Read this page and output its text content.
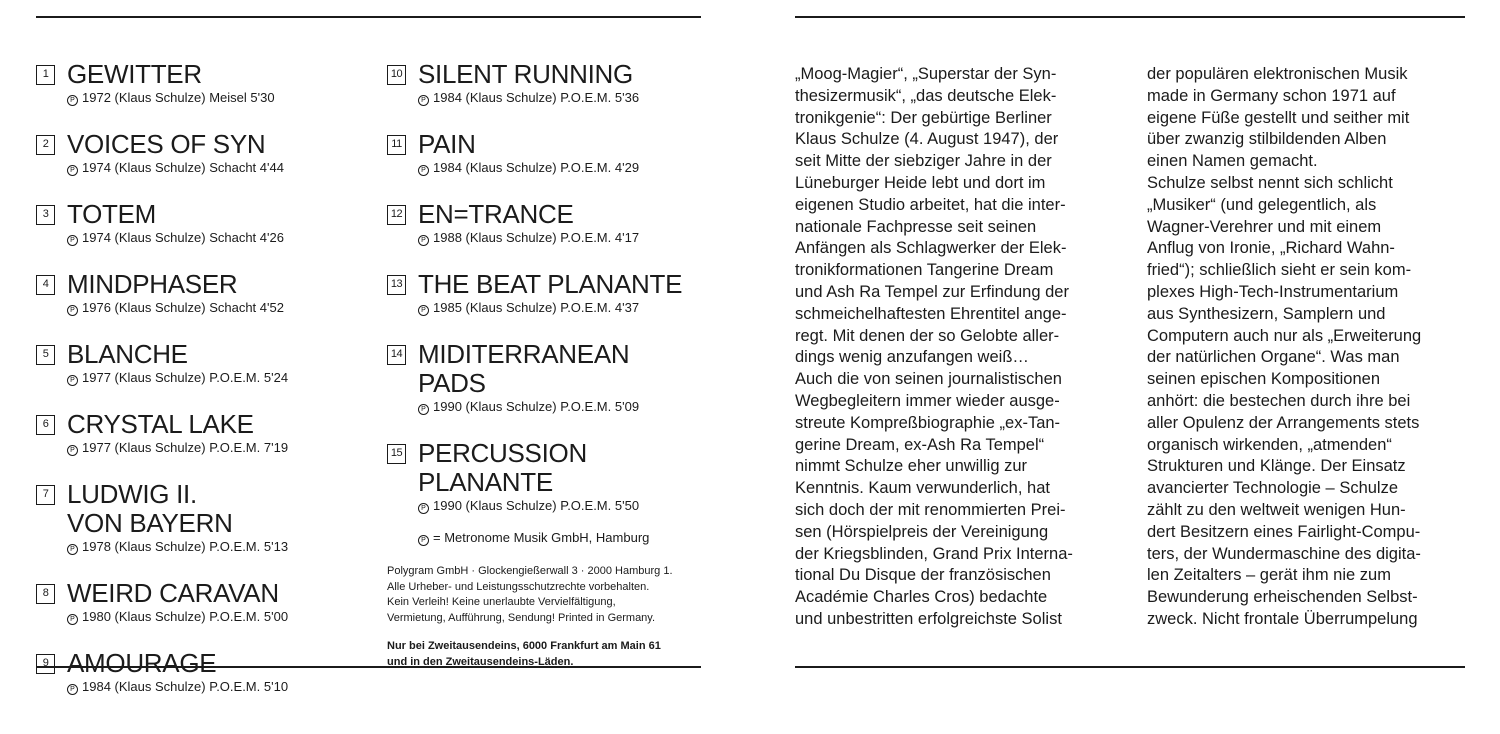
1 GEWITTER
P 1972 (Klaus Schulze) Meisel 5'30
2 VOICES OF SYN
P 1974 (Klaus Schulze) Schacht 4'44
3 TOTEM
P 1974 (Klaus Schulze) Schacht 4'26
4 MINDPHASER
P 1976 (Klaus Schulze) Schacht 4'52
5 BLANCHE
P 1977 (Klaus Schulze) P.O.E.M. 5'24
6 CRYSTAL LAKE
P 1977 (Klaus Schulze) P.O.E.M. 7'19
7 LUDWIG II.
VON BAYERN
P 1978 (Klaus Schulze) P.O.E.M. 5'13
8 WEIRD CARAVAN
P 1980 (Klaus Schulze) P.O.E.M. 5'00
9 AMOURAGE
P 1984 (Klaus Schulze) P.O.E.M. 5'10
10 SILENT RUNNING
P 1984 (Klaus Schulze) P.O.E.M. 5'36
11 PAIN
P 1984 (Klaus Schulze) P.O.E.M. 4'29
12 EN=TRANCE
P 1988 (Klaus Schulze) P.O.E.M. 4'17
13 THE BEAT PLANANTE
P 1985 (Klaus Schulze) P.O.E.M. 4'37
14 MIDITERRANEAN
PADS
P 1990 (Klaus Schulze) P.O.E.M. 5'09
15 PERCUSSION
PLANANTE
P 1990 (Klaus Schulze) P.O.E.M. 5'50
P = Metronome Musik GmbH, Hamburg
Polygram GmbH · Glockengießerwall 3 · 2000 Hamburg 1.
Alle Urheber- und Leistungsschutzrechte vorbehalten.
Kein Verleih! Keine unerlaubte Vervielfältigung,
Vermietung, Aufführung, Sendung! Printed in Germany.
Nur bei Zweitausendeins, 6000 Frankfurt am Main 61
und in den Zweitausendeins-Läden.
„Moog-Magier“, „Superstar der Syn-
thesizermusik“, „das deutsche Elek-
tronikgenie“: Der gebürtige Berliner
Klaus Schulze (4. August 1947), der
seit Mitte der siebziger Jahre in der
Lüneburger Heide lebt und dort im
eigenen Studio arbeitet, hat die inter-
nationale Fachpresse seit seinen
Anfängen als Schlagwerker der Elek-
tronikformationen Tangerine Dream
und Ash Ra Tempel zur Erfindung der
schmeichelhaftesten Ehrentitel ange-
regt. Mit denen der so Gelobte aller-
dings wenig anzufangen weiß…
Auch die von seinen journalistischen
Wegbegleitern immer wieder ausge-
streute Kompreßbiographie „ex-Tan-
gerine Dream, ex-Ash Ra Tempel“
nimmt Schulze eher unwillig zur
Kenntnis. Kaum verwunderlich, hat
sich doch der mit renommierten Prei-
sen (Hörspielpreis der Vereinigung
der Kriegsblinden, Grand Prix Interna-
tional Du Disque der französischen
Académie Charles Cros) bedachte
und unbestritten erfolgreichste Solist
der populären elektronischen Musik
made in Germany schon 1971 auf
eigene Füße gestellt und seither mit
über zwanzig stilbildenden Alben
einen Namen gemacht.
Schulze selbst nennt sich schlicht
„Musiker“ (und gelegentlich, als
Wagner-Verehrer und mit einem
Anflug von Ironie, „Richard Wahn-
fried“); schließlich sieht er sein kom-
plexes High-Tech-Instrumentarium
aus Synthesizern, Samplern und
Computern auch nur als „Erweiterung
der natürlichen Organe“. Was man
seinen epischen Kompositionen
anhört: die bestechen durch ihre bei
aller Opulenz der Arrangements stets
organisch wirkenden, „atmenden“
Strukturen und Klänge. Der Einsatz
avancierter Technologie – Schulze
zählt zu den weltweit wenigen Hun-
dert Besitzern eines Fairlight-Compu-
ters, der Wundermaschine des digita-
len Zeitalters – gerät ihm nie zum
Bewunderung erheischenden Selbst-
zweck. Nicht frontale Überrumpelung
